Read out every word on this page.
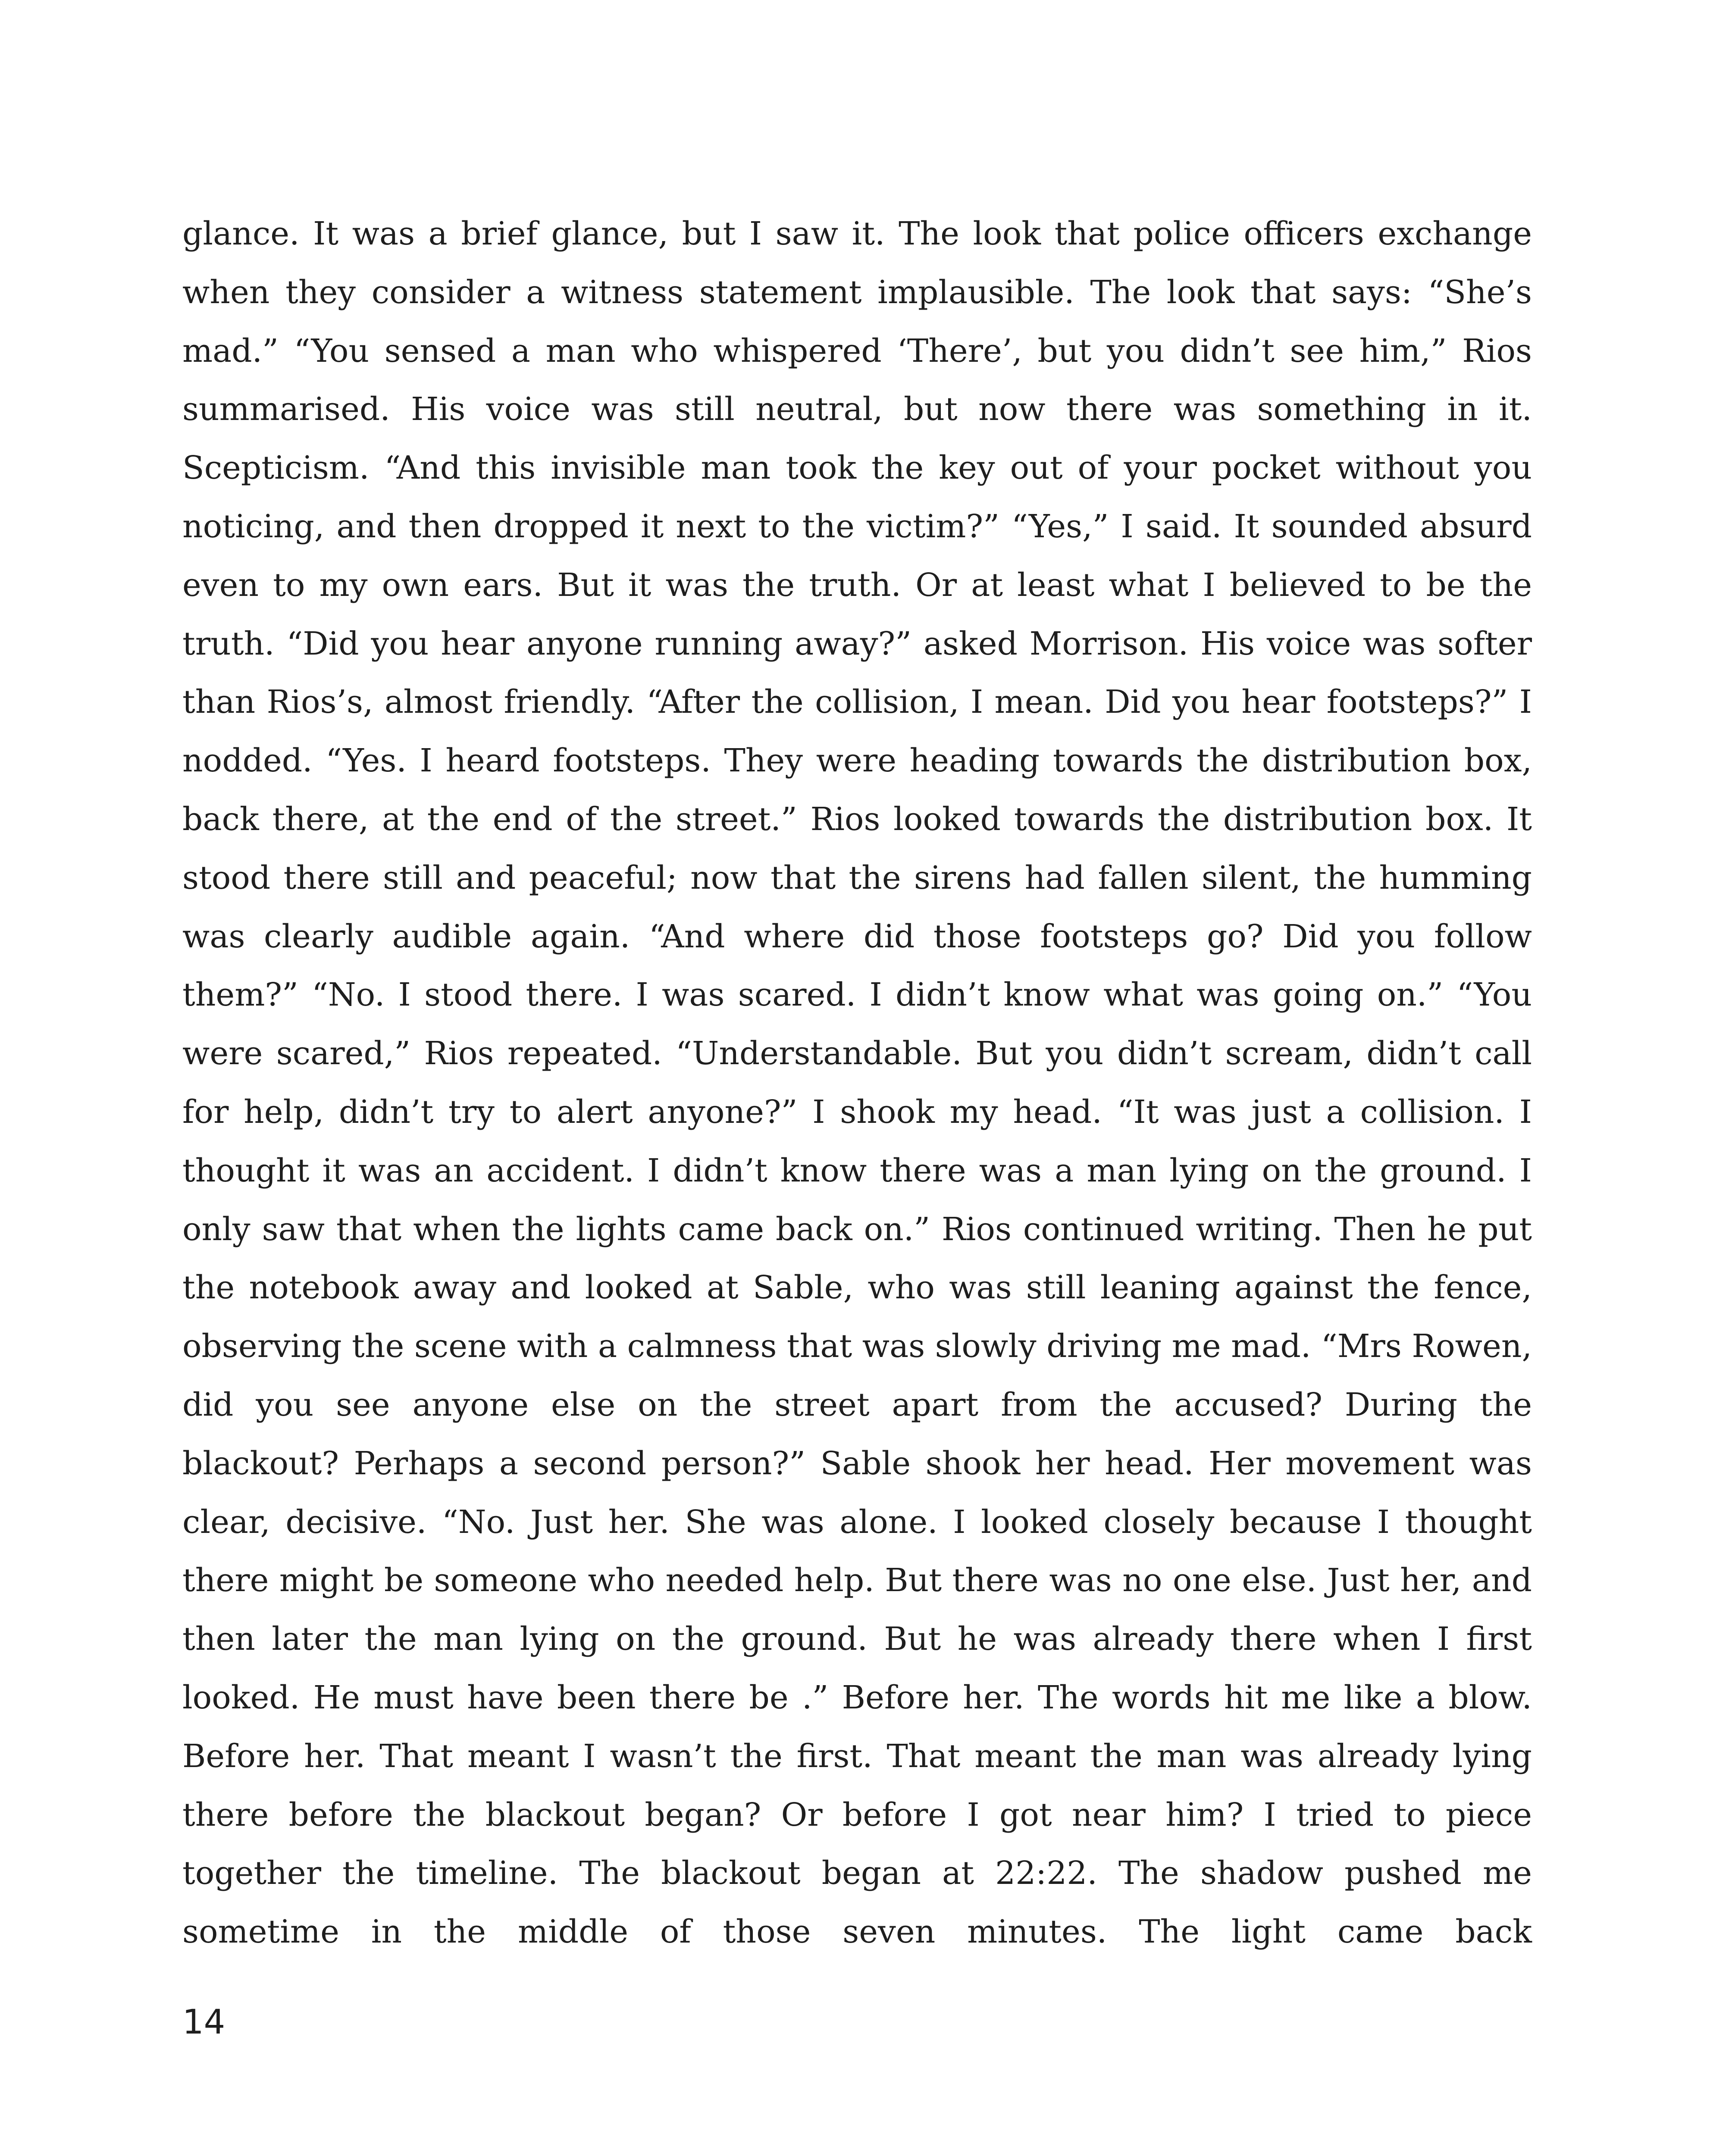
glance. It was a brief glance, but I saw it. The look that police officers exchange when they consider a witness statement implausible. The look that says: “She’s mad.” “You sensed a man who whispered ‘There’, but you didn’t see him,” Rios summarised. His voice was still neutral, but now there was something in it. Scepticism. “And this invisible man took the key out of your pocket without you noticing, and then dropped it next to the victim?” “Yes,” I said. It sounded absurd even to my own ears. But it was the truth. Or at least what I believed to be the truth. “Did you hear anyone running away?” asked Morrison. His voice was softer than Rios’s, almost friendly. “After the collision, I mean. Did you hear footsteps?” I nodded. “Yes. I heard footsteps. They were heading towards the distribution box, back there, at the end of the street.” Rios looked towards the distribution box. It stood there still and peaceful; now that the sirens had fallen silent, the humming was clearly audible again. “And where did those footsteps go? Did you follow them?” “No. I stood there. I was scared. I didn’t know what was going on.” “You were scared,” Rios repeated. “Understandable. But you didn’t scream, didn’t call for help, didn’t try to alert anyone?” I shook my head. “It was just a collision. I thought it was an accident. I didn’t know there was a man lying on the ground. I only saw that when the lights came back on.” Rios continued writing. Then he put the notebook away and looked at Sable, who was still leaning against the fence, observing the scene with a calmness that was slowly driving me mad. “Mrs Rowen, did you see anyone else on the street apart from the accused? During the blackout? Perhaps a second person?” Sable shook her head. Her movement was clear, decisive. “No. Just her. She was alone. I looked closely because I thought there might be someone who needed help. But there was no one else. Just her, and then later the man lying on the ground. But he was already there when I first looked. He must have been there be .” Before her. The words hit me like a blow. Before her. That meant I wasn’t the first. That meant the man was already lying there before the blackout began? Or before I got near him? I tried to piece together the timeline. The blackout began at 22:22. The shadow pushed me sometime in the middle of those seven minutes. The light came back

14
